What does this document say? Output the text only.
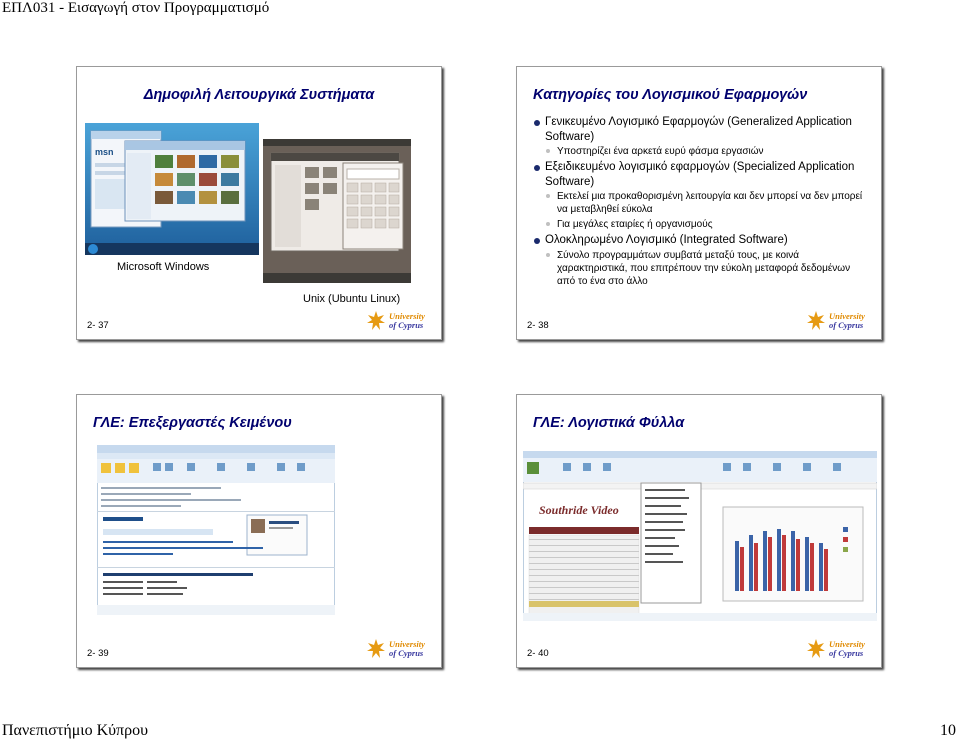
ΕΠΛ031 - Εισαγωγή στον Προγραμματισμό
Δημοφιλή Λειτουργικά Συστήματα
msn
Microsoft Windows
Unix (Ubuntu Linux)
2- 37
University
of Cyprus
Κατηγορίες του Λογισμικού Εφαρμογών
Γενικευμένο Λογισμικό Εφαρμογών (Generalized Application Software)
Υποστηρίζει ένα αρκετά ευρύ φάσμα εργασιών
Εξειδικευμένο λογισμικό εφαρμογών (Specialized Application Software)
Εκτελεί μια προκαθορισμένη λειτουργία και δεν μπορεί να δεν μπορεί να μεταβληθεί εύκολα
Για μεγάλες εταιρίες ή οργανισμούς
Ολοκληρωμένο Λογισμικό (Integrated Software)
Σύνολο προγραμμάτων συμβατά μεταξύ τους, με κοινά χαρακτηριστικά, που επιτρέπουν την εύκολη μεταφορά δεδομένων από το ένα στο άλλο
2- 38
University
of Cyprus
ΓΛΕ: Επεξεργαστές Κειμένου
2- 39
University
of Cyprus
ΓΛΕ: Λογιστικά Φύλλα
Southride Video
2- 40
University
of Cyprus
Πανεπιστήμιο Κύπρου	10
